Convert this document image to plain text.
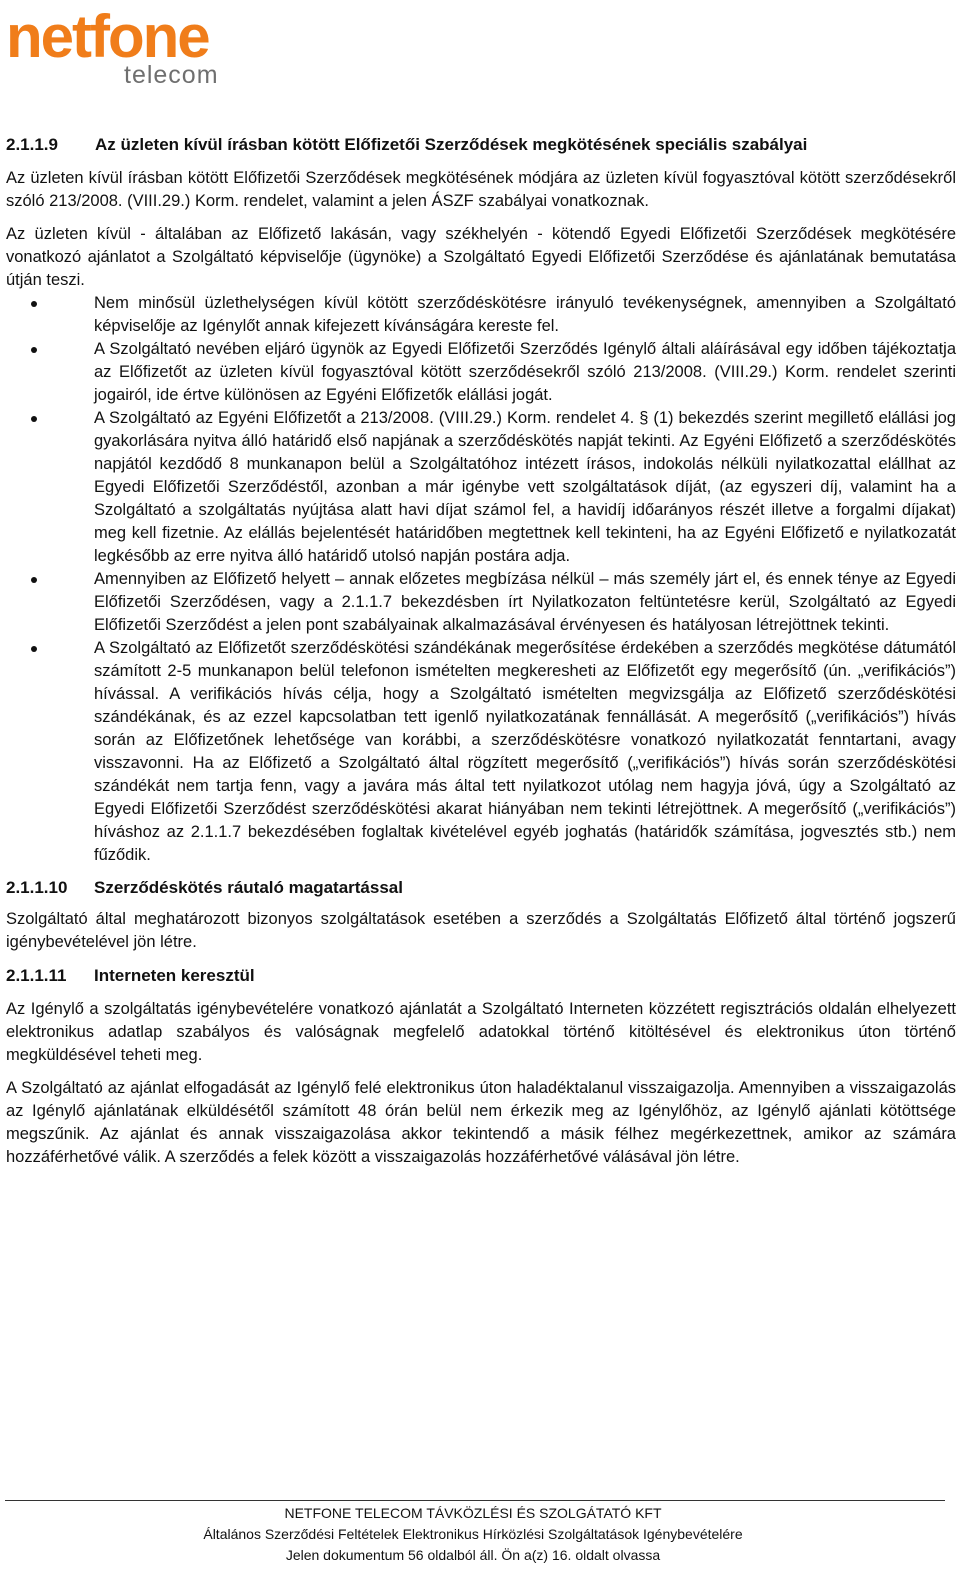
netfone
telecom
2.1.1.9	Az üzleten kívül írásban kötött Előfizetői Szerződések megkötésének speciális szabályai

Az üzleten kívül írásban kötött Előfizetői Szerződések megkötésének módjára az üzleten kívül fogyasztóval kötött szerződésekről szóló 213/2008. (VIII.29.) Korm. rendelet, valamint a jelen ÁSZF szabályai vonatkoznak.

Az üzleten kívül - általában az Előfizető lakásán, vagy székhelyén - kötendő Egyedi Előfizetői Szerződések megkötésére vonatkozó ajánlatot a Szolgáltató képviselője (ügynöke) a Szolgáltató Egyedi Előfizetői Szerződése és ajánlatának bemutatása útján teszi.

Nem minősül üzlethelységen kívül kötött szerződéskötésre irányuló tevékenységnek, amennyiben a Szolgáltató képviselője az Igénylőt annak kifejezett kívánságára kereste fel.
A Szolgáltató nevében eljáró ügynök az Egyedi Előfizetői Szerződés Igénylő általi aláírásával egy időben tájékoztatja az Előfizetőt az üzleten kívül fogyasztóval kötött szerződésekről szóló 213/2008. (VIII.29.) Korm. rendelet szerinti jogairól, ide értve különösen az Egyéni Előfizetők elállási jogát.
A Szolgáltató az Egyéni Előfizetőt a 213/2008. (VIII.29.) Korm. rendelet 4. § (1) bekezdés szerint megillető elállási jog gyakorlására nyitva álló határidő első napjának a szerződéskötés napját tekinti. Az Egyéni Előfizető a szerződéskötés napjától kezdődő 8 munkanapon belül a Szolgáltatóhoz intézett írásos, indokolás nélküli nyilatkozattal elállhat az Egyedi Előfizetői Szerződéstől, azonban a már igénybe vett szolgáltatások díját, (az egyszeri díj, valamint ha a Szolgáltató a szolgáltatás nyújtása alatt havi díjat számol fel, a havidíj időarányos részét illetve a forgalmi díjakat) meg kell fizetnie. Az elállás bejelentését határidőben megtettnek kell tekinteni, ha az Egyéni Előfizető e nyilatkozatát legkésőbb az erre nyitva álló határidő utolsó napján postára adja.
Amennyiben az Előfizető helyett – annak előzetes megbízása nélkül – más személy járt el, és ennek ténye az Egyedi Előfizetői Szerződésen, vagy a 2.1.1.7 bekezdésben írt Nyilatkozaton feltüntetésre kerül, Szolgáltató az Egyedi Előfizetői Szerződést a jelen pont szabályainak alkalmazásával érvényesen és hatályosan létrejöttnek tekinti.
A Szolgáltató az Előfizetőt szerződéskötési szándékának megerősítése érdekében a szerződés megkötése dátumától számított 2-5 munkanapon belül telefonon ismételten megkeresheti az Előfizetőt egy megerősítő (ún. „verifikációs”) hívással. A verifikációs hívás célja, hogy a Szolgáltató ismételten megvizsgálja az Előfizető szerződéskötési szándékának, és az ezzel kapcsolatban tett igenlő nyilatkozatának fennállását. A megerősítő („verifikációs”) hívás során az Előfizetőnek lehetősége van korábbi, a szerződéskötésre vonatkozó nyilatkozatát fenntartani, avagy visszavonni. Ha az Előfizető a Szolgáltató által rögzített megerősítő („verifikációs”) hívás során szerződéskötési szándékát nem tartja fenn, vagy a javára más által tett nyilatkozot utólag nem hagyja jóvá, úgy a Szolgáltató az Egyedi Előfizetői Szerződést szerződéskötési akarat hiányában nem tekinti létrejöttnek. A megerősítő („verifikációs”) híváshoz az 2.1.1.7 bekezdésében foglaltak kivételével egyéb joghatás (határidők számítása, jogvesztés stb.) nem fűződik.
2.1.1.10	Szerződéskötés ráutaló magatartással

Szolgáltató által meghatározott bizonyos szolgáltatások esetében a szerződés a Szolgáltatás Előfizető által történő jogszerű igénybevételével jön létre.

2.1.1.11	Interneten keresztül

Az Igénylő a szolgáltatás igénybevételére vonatkozó ajánlatát a Szolgáltató Interneten közzétett regisztrációs oldalán elhelyezett elektronikus adatlap szabályos és valóságnak megfelelő adatokkal történő kitöltésével és elektronikus úton történő megküldésével teheti meg.

A Szolgáltató az ajánlat elfogadását az Igénylő felé elektronikus úton haladéktalanul visszaigazolja. Amennyiben a visszaigazolás az Igénylő ajánlatának elküldésétől számított 48 órán belül nem érkezik meg az Igénylőhöz, az Igénylő ajánlati kötöttsége megszűnik. Az ajánlat és annak visszaigazolása akkor tekintendő a másik félhez megérkezettnek, amikor az számára hozzáférhetővé válik. A szerződés a felek között a visszaigazolás hozzáférhetővé válásával jön létre.

NETFONE TELECOM TÁVKÖZLÉSI ÉS SZOLGÁTATÓ KFT
Általános Szerződési Feltételek Elektronikus Hírközlési Szolgáltatások Igénybevételére
Jelen dokumentum 56 oldalból áll. Ön a(z) 16. oldalt olvassa
